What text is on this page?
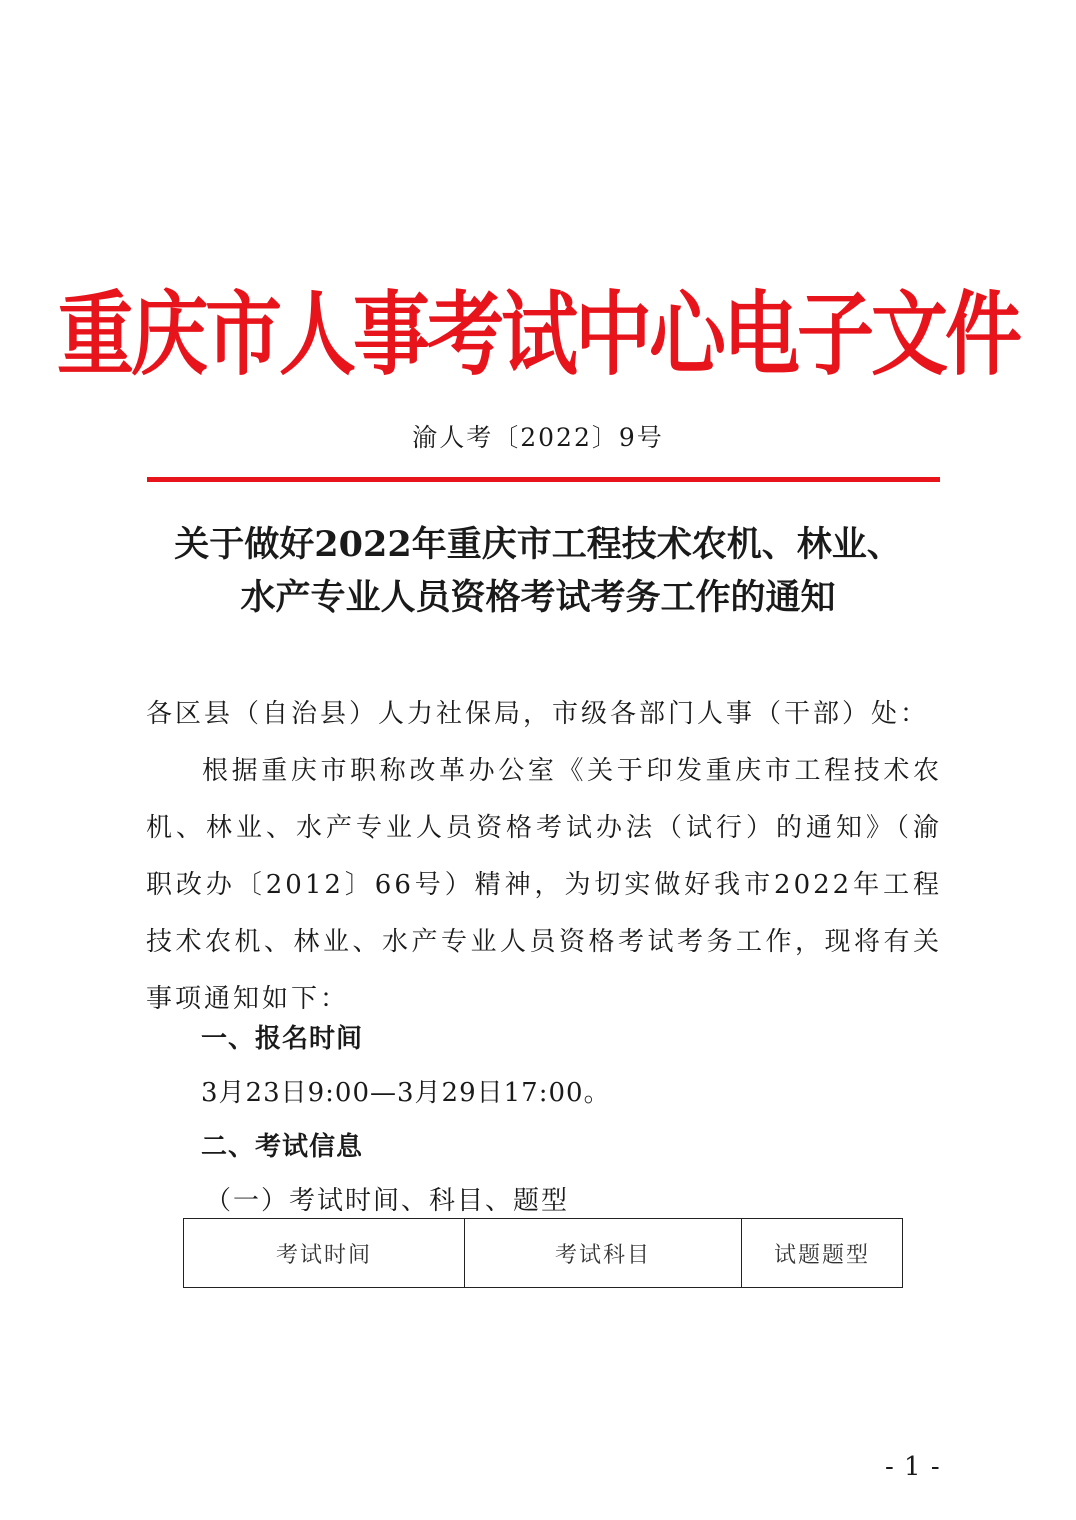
重庆市人事考试中心电子文件
渝人考〔2022〕9号
关于做好2022年重庆市工程技术农机、林业、
水产专业人员资格考试考务工作的通知
各区县（自治县）人力社保局，市级各部门人事（干部）处：
根据重庆市职称改革办公室《关于印发重庆市工程技术农机、林业、水产专业人员资格考试办法（试行）的通知》（渝职改办〔2012〕66号）精神，为切实做好我市2022年工程技术农机、林业、水产专业人员资格考试考务工作，现将有关事项通知如下：
一、报名时间
3月23日9:00—3月29日17:00。
二、考试信息
（一）考试时间、科目、题型
考试时间	考试科目	试题题型
- 1 -
